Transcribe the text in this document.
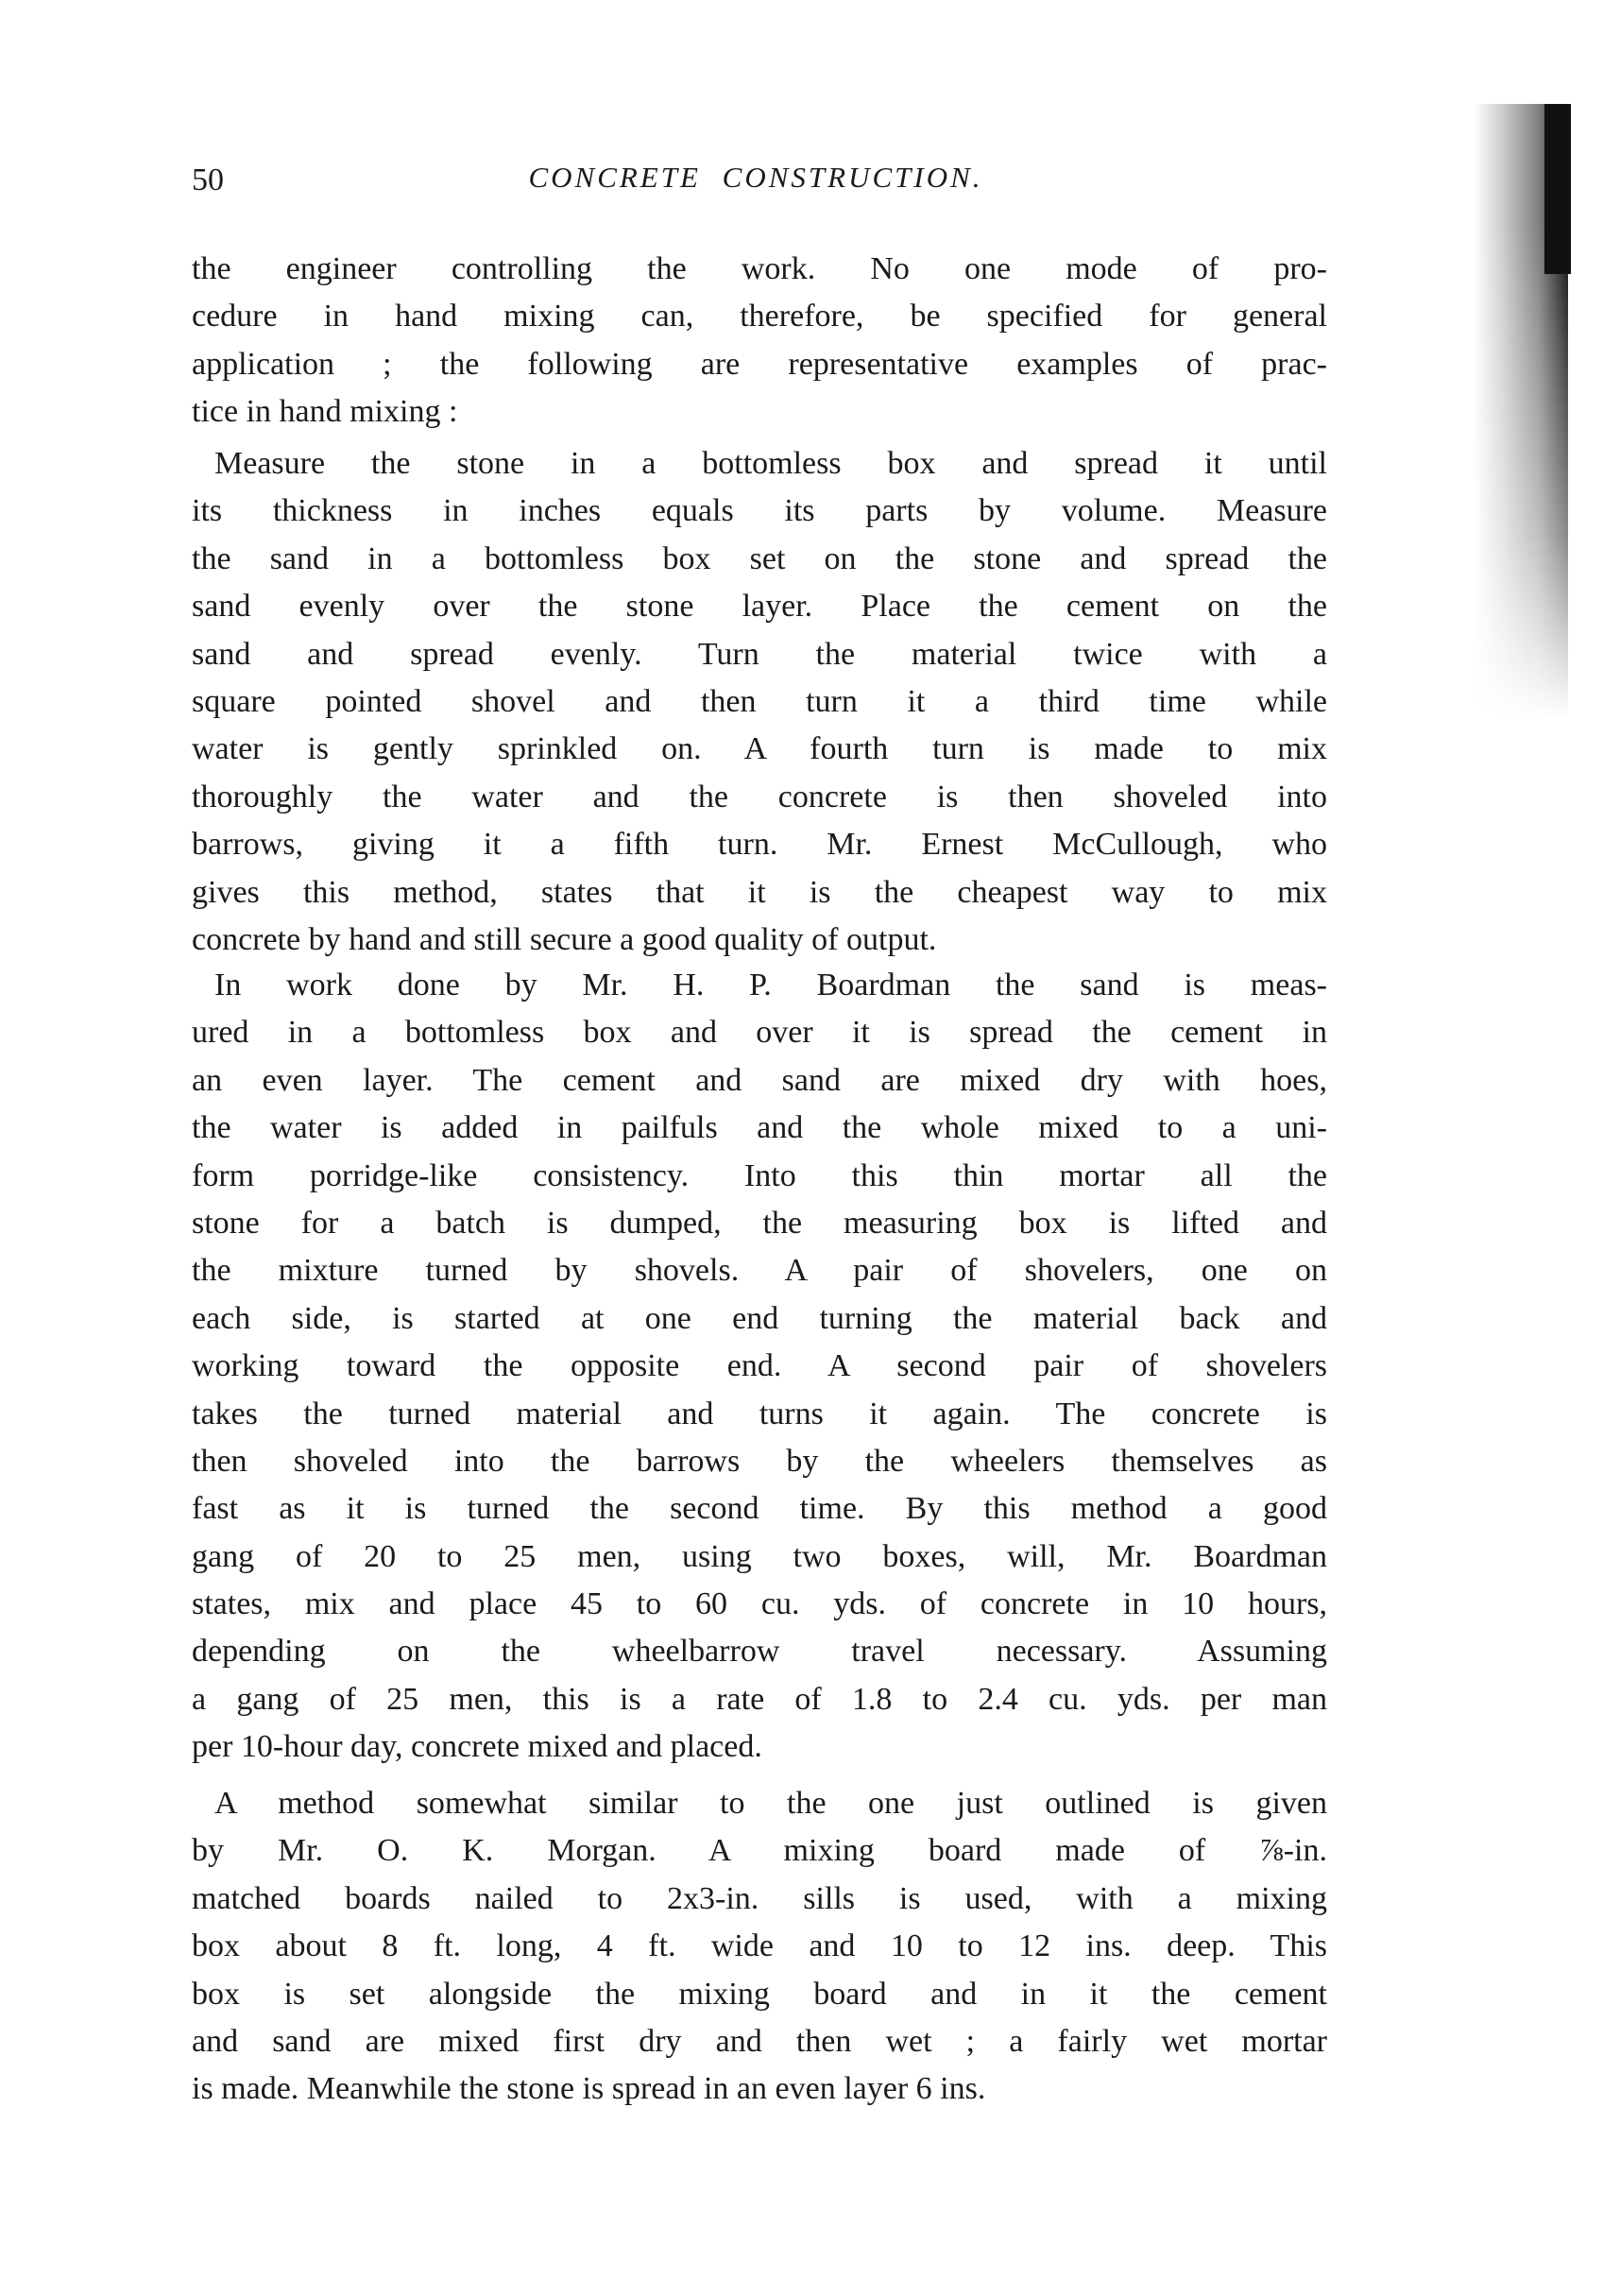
50	CONCRETE CONSTRUCTION.
the engineer controlling the work. No one mode of pro-
cedure in hand mixing can, therefore, be specified for general
application ; the following are representative examples of prac-
tice in hand mixing :
Measure the stone in a bottomless box and spread it until
its thickness in inches equals its parts by volume. Measure
the sand in a bottomless box set on the stone and spread the
sand evenly over the stone layer. Place the cement on the
sand and spread evenly. Turn the material twice with a
square pointed shovel and then turn it a third time while
water is gently sprinkled on. A fourth turn is made to mix
thoroughly the water and the concrete is then shoveled into
barrows, giving it a fifth turn. Mr. Ernest McCullough, who
gives this method, states that it is the cheapest way to mix
concrete by hand and still secure a good quality of output.
In work done by Mr. H. P. Boardman the sand is meas-
ured in a bottomless box and over it is spread the cement in
an even layer. The cement and sand are mixed dry with hoes,
the water is added in pailfuls and the whole mixed to a uni-
form porridge-like consistency. Into this thin mortar all the
stone for a batch is dumped, the measuring box is lifted and
the mixture turned by shovels. A pair of shovelers, one on
each side, is started at one end turning the material back and
working toward the opposite end. A second pair of shovelers
takes the turned material and turns it again. The concrete is
then shoveled into the barrows by the wheelers themselves as
fast as it is turned the second time. By this method a good
gang of 20 to 25 men, using two boxes, will, Mr. Boardman
states, mix and place 45 to 60 cu. yds. of concrete in 10 hours,
depending on the wheelbarrow travel necessary. Assuming
a gang of 25 men, this is a rate of 1.8 to 2.4 cu. yds. per man
per 10-hour day, concrete mixed and placed.
A method somewhat similar to the one just outlined is given
by Mr. O. K. Morgan. A mixing board made of ⅞-in.
matched boards nailed to 2x3-in. sills is used, with a mixing
box about 8 ft. long, 4 ft. wide and 10 to 12 ins. deep. This
box is set alongside the mixing board and in it the cement
and sand are mixed first dry and then wet ; a fairly wet mortar
is made. Meanwhile the stone is spread in an even layer 6 ins.
